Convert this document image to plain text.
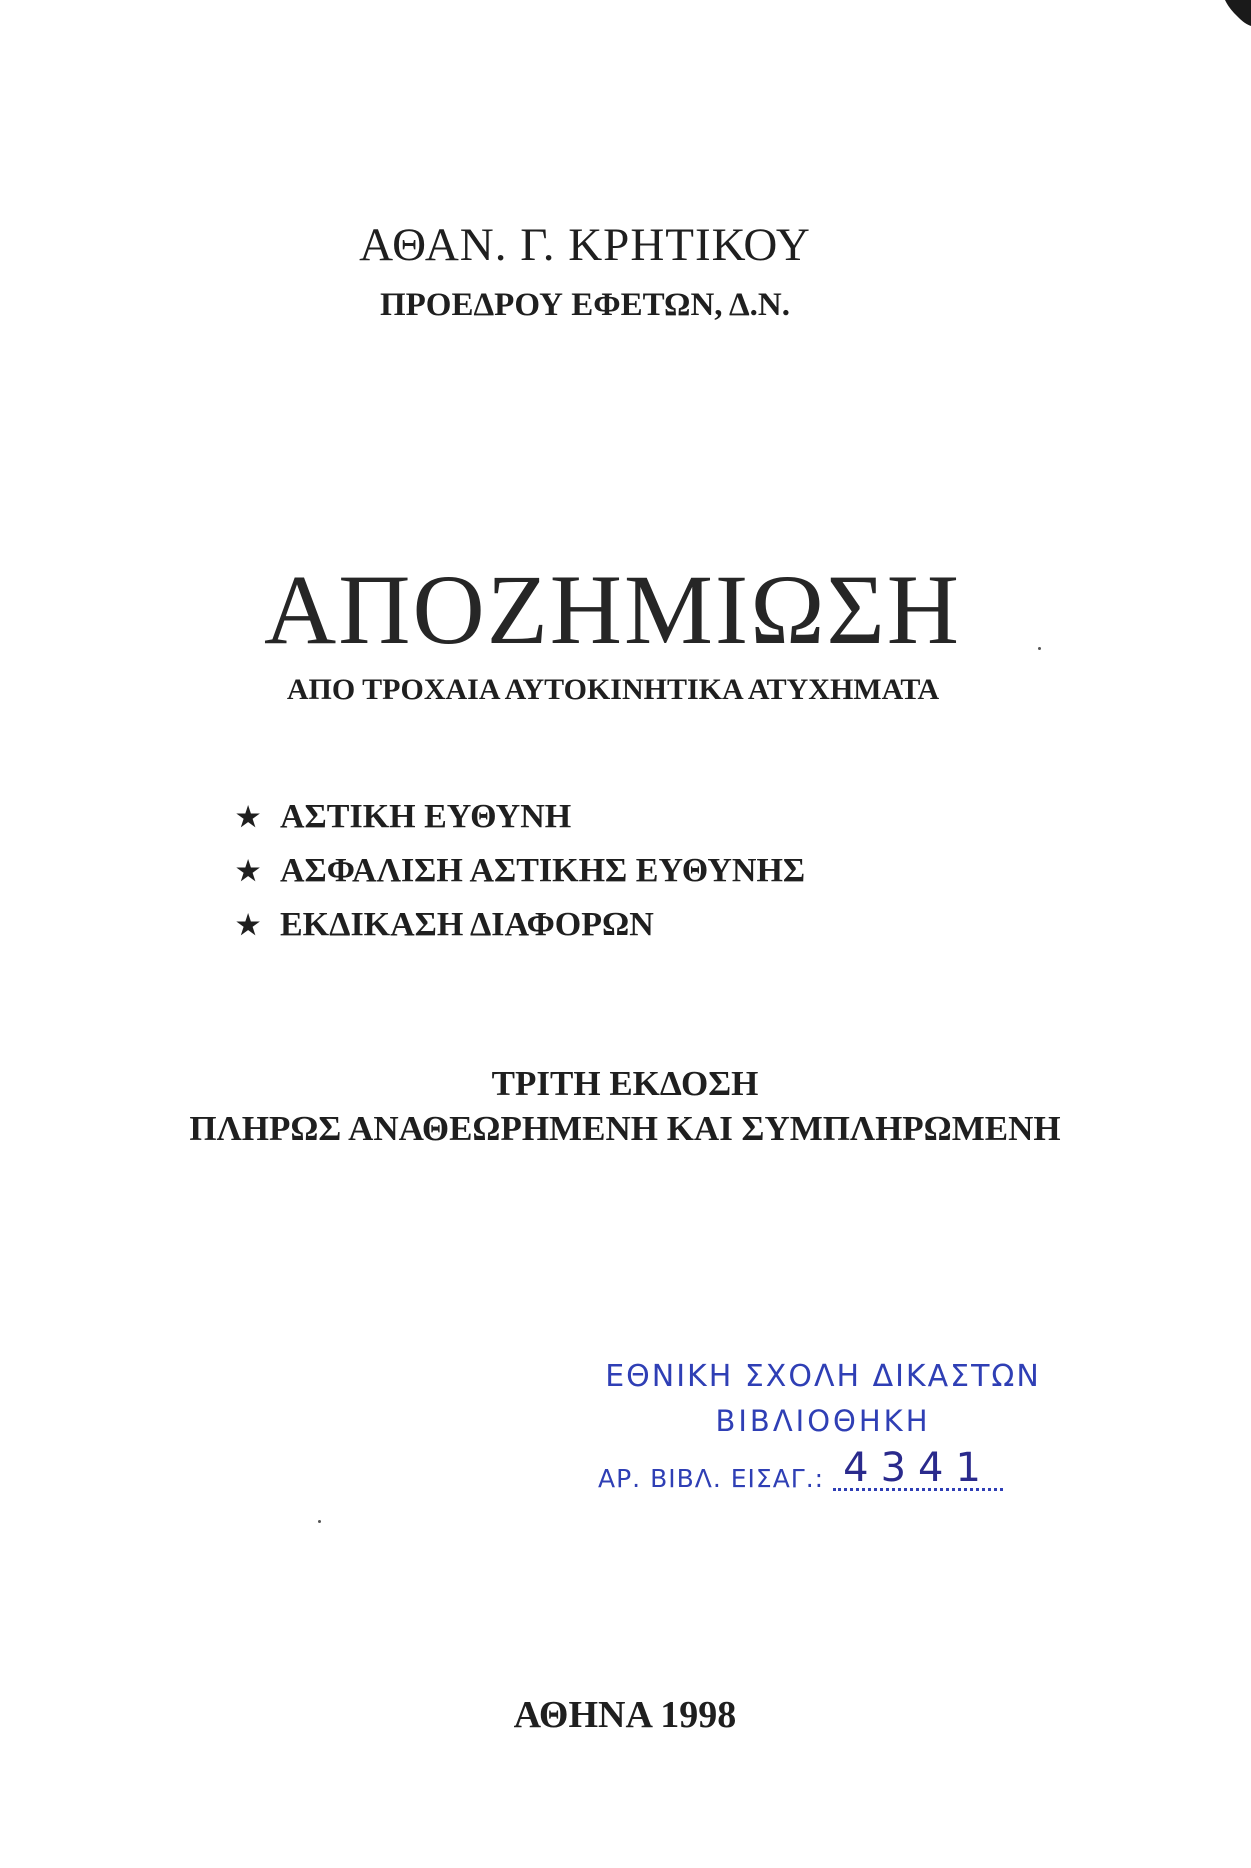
ΑΘΑΝ. Γ. ΚΡΗΤΙΚΟΥ
ΠΡΟΕΔΡΟΥ ΕΦΕΤΩΝ, Δ.Ν.
ΑΠΟΖΗΜΙΩΣΗ
ΑΠΟ ΤΡΟΧΑΙΑ ΑΥΤΟΚΙΝΗΤΙΚΑ ΑΤΥΧΗΜΑΤΑ
★ ΑΣΤΙΚΗ ΕΥΘΥΝΗ
★ ΑΣΦΑΛΙΣΗ ΑΣΤΙΚΗΣ ΕΥΘΥΝΗΣ
★ ΕΚΔΙΚΑΣΗ ΔΙΑΦΟΡΩΝ
ΤΡΙΤΗ ΕΚΔΟΣΗ
ΠΛΗΡΩΣ ΑΝΑΘΕΩΡΗΜΕΝΗ ΚΑΙ ΣΥΜΠΛΗΡΩΜΕΝΗ
ΕΘΝΙΚΗ ΣΧΟΛΗ ΔΙΚΑΣΤΩΝ
ΒΙΒΛΙΟΘΗΚΗ
ΑΡ. ΒΙΒΛ. ΕΙΣΑΓ.: 4341
ΑΘΗΝΑ 1998
